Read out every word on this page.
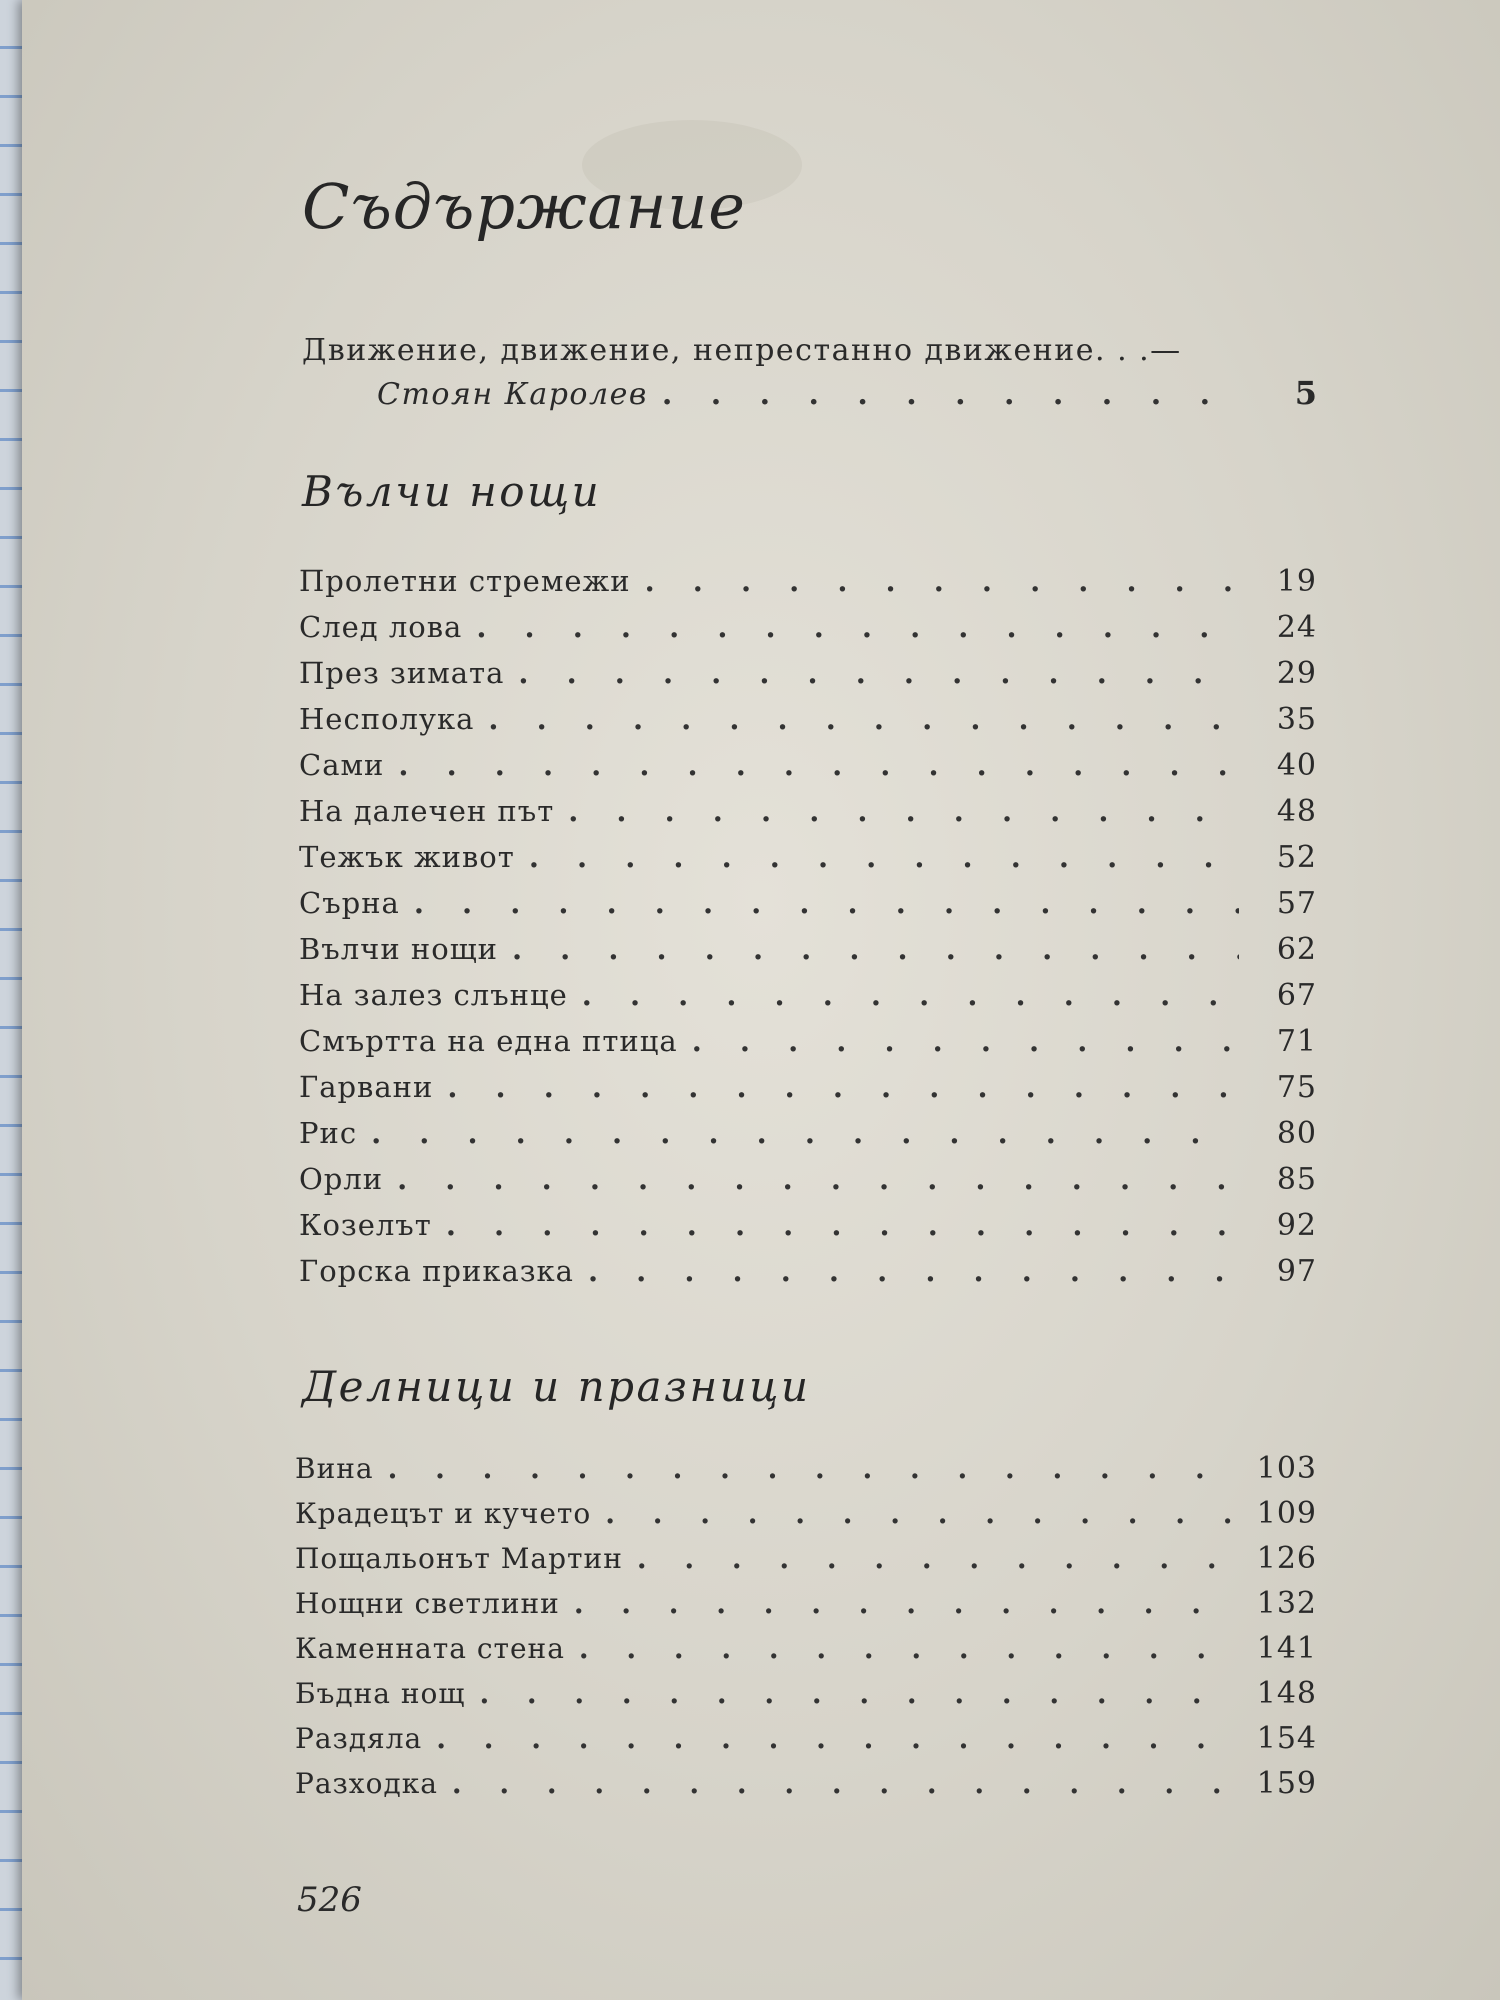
Съдържание
Движение, движение, непрестанно движение. . .—
Стоян Каролев . . .	5
Вълчи нощи
Пролетни стремежи . . .	19
След лова . . .	24
През зимата . . .	29
Несполука . . .	35
Сами . . .	40
На далечен път . . .	48
Тежък живот . . .	52
Сърна . . .	57
Вълчи нощи . . .	62
На залез слънце . . .	67
Смъртта на една птица . . .	71
Гарвани . . .	75
Рис . . .	80
Орли . . .	85
Козелът . . .	92
Горска приказка . . .	97
Делници и празници
Вина . . .	103
Крадецът и кучето . . .	109
Пощальонът Мартин . . .	126
Нощни светлини . . .	132
Каменната стена . . .	141
Бъдна нощ . . .	148
Раздяла . . .	154
Разходка . . .	159
526
